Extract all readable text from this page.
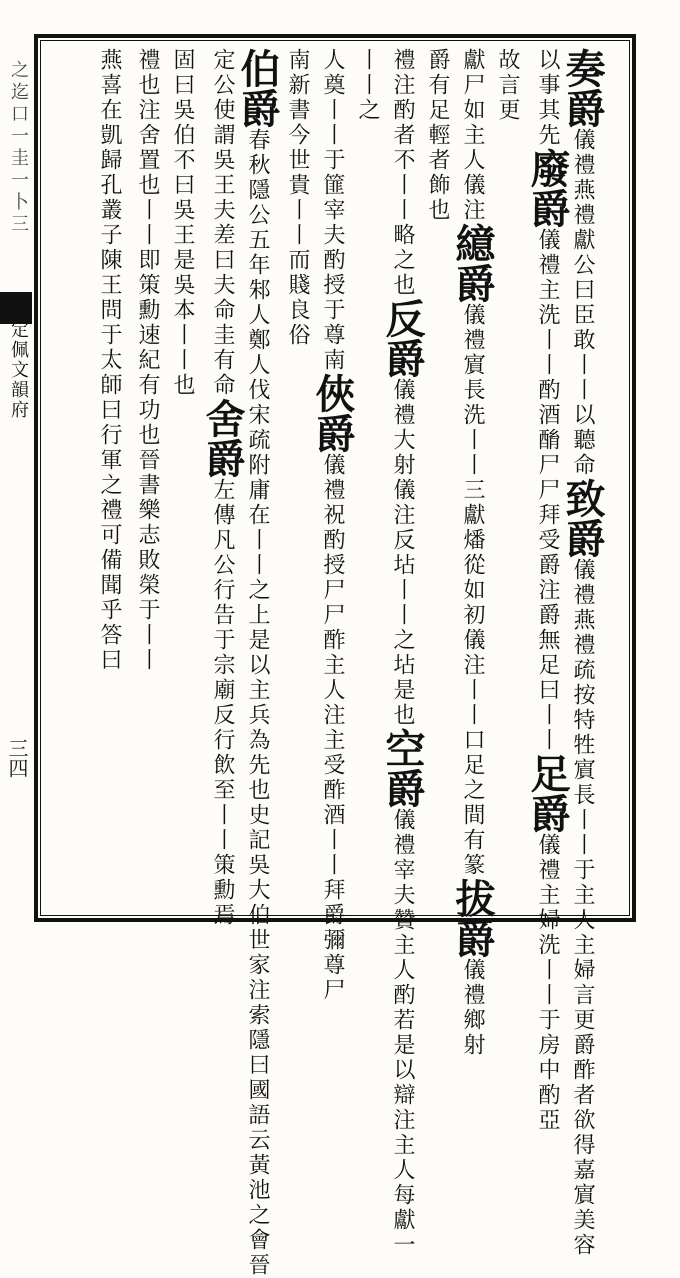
之迄口一圭一卜三
御定佩文韻府
三四
奏爵儀禮燕禮獻公曰臣敢丨丨以聽命致爵儀禮燕禮疏按特牲賔長丨丨于主人主婦言更爵酢者欲得嘉賔美容
以事其先廢爵儀禮主洗丨丨酌酒酳尸尸拜受爵注爵無足曰丨丨足爵儀禮主婦洗丨丨于房中酌亞
故言更
獻尸如主人儀注繶爵儀禮賔長洗丨丨三獻燔從如初儀注丨丨口足之間有篆拔爵儀禮鄉射
爵有足輕者飾也
禮注酌者不丨丨略之也反爵儀禮大射儀注反坫丨丨之坫是也空爵儀禮宰夫贊主人酌若是以辯注主人每獻一
丨丨之
人奠丨丨于篚宰夫酌授于尊南俠爵儀禮祝酌授尸尸酢主人注主受酢酒丨丨拜爵彌尊尸
南新書今世貴丨丨而賤良俗
伯爵春秋隱公五年邾人鄭人伐宋疏附庸在丨丨之上是以主兵為先也史記吳大伯世家注索隱曰國語云黃池之會晉
定公使謂吳王夫差曰夫命圭有命舍爵左傳凡公行告于宗廟反行飲至丨丨策勳焉
固曰吳伯不曰吳王是吳本丨丨也
禮也注舍置也丨丨即策勳速紀有功也晉書樂志敗榮于丨丨
燕喜在凱歸孔叢子陳王問于太師曰行軍之禮可備聞乎答曰
